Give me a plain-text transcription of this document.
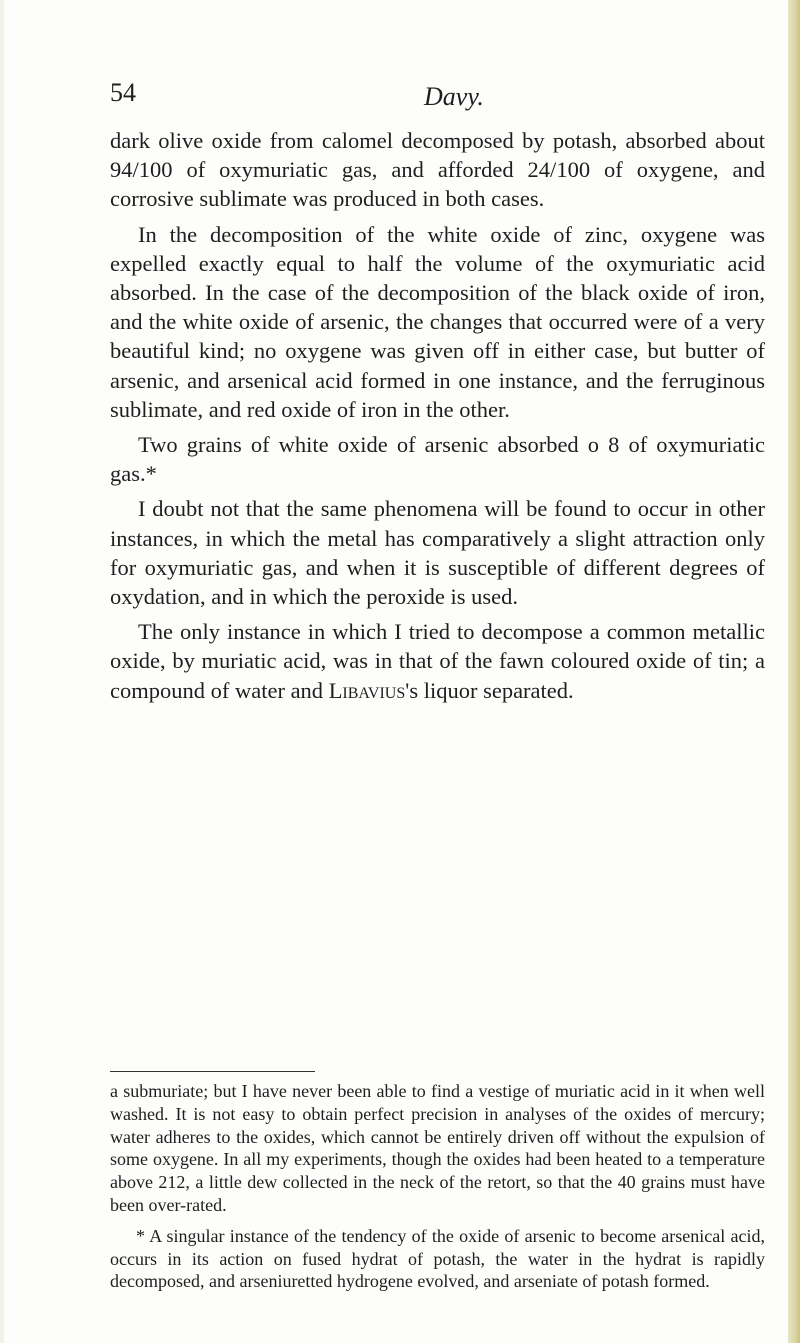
54	Davy.

dark olive oxide from calomel decomposed by potash, absorbed about 94/100 of oxymuriatic gas, and afforded 24/100 of oxygene, and corrosive sublimate was produced in both cases.

In the decomposition of the white oxide of zinc, oxygene was expelled exactly equal to half the volume of the oxymuriatic acid absorbed. In the case of the decomposition of the black oxide of iron, and the white oxide of arsenic, the changes that occurred were of a very beautiful kind; no oxygene was given off in either case, but butter of arsenic, and arsenical acid formed in one instance, and the ferruginous sublimate, and red oxide of iron in the other.

Two grains of white oxide of arsenic absorbed o 8 of oxymuriatic gas.*

I doubt not that the same phenomena will be found to occur in other instances, in which the metal has comparatively a slight attraction only for oxymuriatic gas, and when it is susceptible of different degrees of oxydation, and in which the peroxide is used.

The only instance in which I tried to decompose a common metallic oxide, by muriatic acid, was in that of the fawn coloured oxide of tin; a compound of water and Libavius's liquor separated.

a submuriate; but I have never been able to find a vestige of muriatic acid in it when well washed. It is not easy to obtain perfect precision in analyses of the oxides of mercury; water adheres to the oxides, which cannot be entirely driven off without the expulsion of some oxygene. In all my experiments, though the oxides had been heated to a temperature above 212, a little dew collected in the neck of the retort, so that the 40 grains must have been over-rated.

* A singular instance of the tendency of the oxide of arsenic to become arsenical acid, occurs in its action on fused hydrat of potash, the water in the hydrat is rapidly decomposed, and arseniuretted hydrogene evolved, and arseniate of potash formed.
